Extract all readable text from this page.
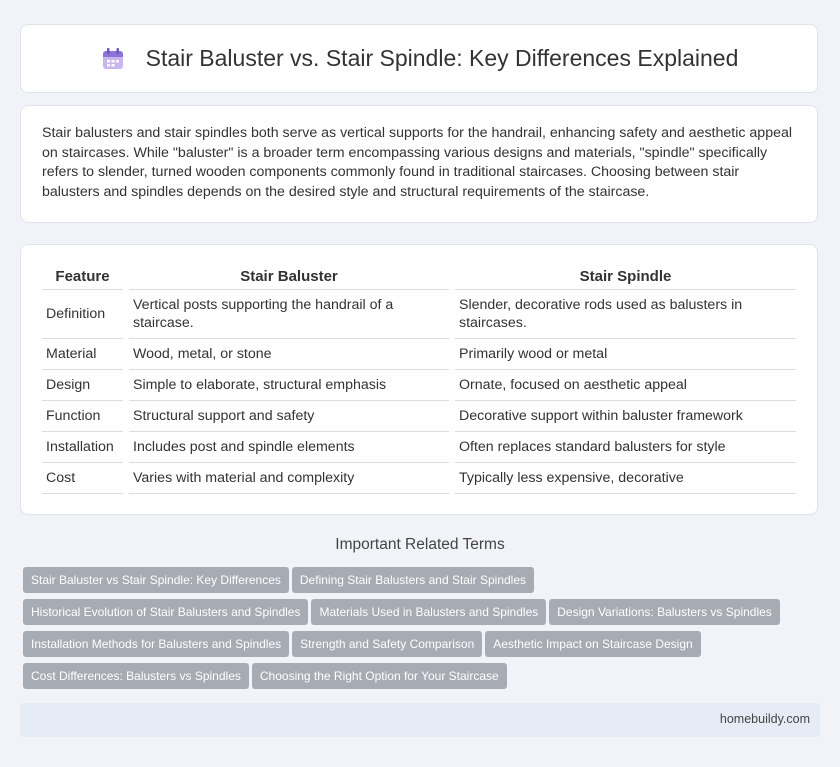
Stair Baluster vs. Stair Spindle: Key Differences Explained

Stair balusters and stair spindles both serve as vertical supports for the handrail, enhancing safety and aesthetic appeal on staircases. While "baluster" is a broader term encompassing various designs and materials, "spindle" specifically refers to slender, turned wooden components commonly found in traditional staircases. Choosing between stair balusters and spindles depends on the desired style and structural requirements of the staircase.

Feature	Stair Baluster	Stair Spindle
Definition	Vertical posts supporting the handrail of a staircase.	Slender, decorative rods used as balusters in staircases.
Material	Wood, metal, or stone	Primarily wood or metal
Design	Simple to elaborate, structural emphasis	Ornate, focused on aesthetic appeal
Function	Structural support and safety	Decorative support within baluster framework
Installation	Includes post and spindle elements	Often replaces standard balusters for style
Cost	Varies with material and complexity	Typically less expensive, decorative
Important Related Terms
Stair Baluster vs Stair Spindle: Key Differences Defining Stair Balusters and Stair Spindles
Historical Evolution of Stair Balusters and Spindles Materials Used in Balusters and Spindles Design Variations: Balusters vs Spindles
Installation Methods for Balusters and Spindles Strength and Safety Comparison Aesthetic Impact on Staircase Design
Cost Differences: Balusters vs Spindles Choosing the Right Option for Your Staircase
homebuildy.com
